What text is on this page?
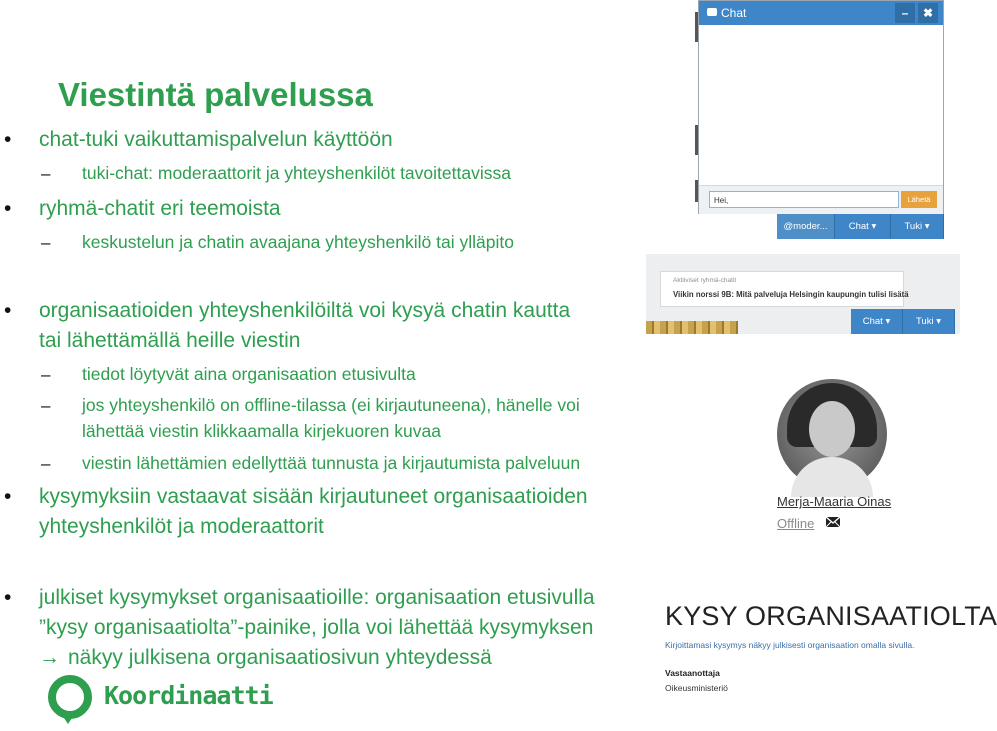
Viestintä palvelussa
• chat-tuki vaikuttamispalvelun käyttöön
– tuki-chat: moderaattorit ja yhteyshenkilöt tavoitettavissa
• ryhmä-chatit eri teemoista
– keskustelun ja chatin avaajana yhteyshenkilö tai ylläpito
• organisaatioiden yhteyshenkilöiltä voi kysyä chatin kautta
tai lähettämällä heille viestin
– tiedot löytyvät aina organisaation etusivulta
– jos yhteyshenkilö on offline-tilassa (ei kirjautuneena), hänelle voi
lähettää viestin klikkaamalla kirjekuoren kuvaa
– viestin lähettämien edellyttää tunnusta ja kirjautumista palveluun
• kysymyksiin vastaavat sisään kirjautuneet organisaatioiden
yhteyshenkilöt ja moderaattorit
• julkiset kysymykset organisaatioille: organisaation etusivulla
”kysy organisaatiolta”-painike, jolla voi lähettää kysymyksen
→ näkyy julkisena organisaatiosivun yhteydessä
Chat	–	✖
Hei,	Lähetä
@moder...	Chat ▾	Tuki ▾
Aktiiviset ryhmä-chatit
Viikin norssi 9B: Mitä palveluja Helsingin kaupungin tulisi lisätä
Chat ▾	Tuki ▾
Merja-Maaria Oinas
Offline
KYSY ORGANISAATIOLTA
Kirjoittamasi kysymys näkyy julkisesti organisaation omalla sivulla.
Vastaanottaja
Oikeusministeriö
Koordinaatti
